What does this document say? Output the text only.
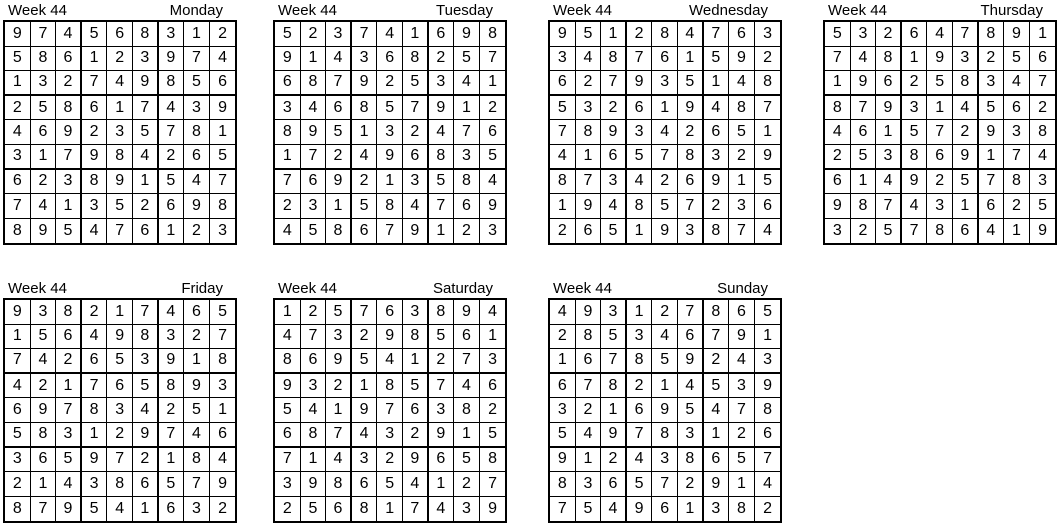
Week 44	Monday
9	7	4	5	6	8	3	1	2
5	8	6	1	2	3	9	7	4
1	3	2	7	4	9	8	5	6
2	5	8	6	1	7	4	3	9
4	6	9	2	3	5	7	8	1
3	1	7	9	8	4	2	6	5
6	2	3	8	9	1	5	4	7
7	4	1	3	5	2	6	9	8
8	9	5	4	7	6	1	2	3
Week 44	Tuesday
5	2	3	7	4	1	6	9	8
9	1	4	3	6	8	2	5	7
6	8	7	9	2	5	3	4	1
3	4	6	8	5	7	9	1	2
8	9	5	1	3	2	4	7	6
1	7	2	4	9	6	8	3	5
7	6	9	2	1	3	5	8	4
2	3	1	5	8	4	7	6	9
4	5	8	6	7	9	1	2	3
Week 44	Wednesday
9	5	1	2	8	4	7	6	3
3	4	8	7	6	1	5	9	2
6	2	7	9	3	5	1	4	8
5	3	2	6	1	9	4	8	7
7	8	9	3	4	2	6	5	1
4	1	6	5	7	8	3	2	9
8	7	3	4	2	6	9	1	5
1	9	4	8	5	7	2	3	6
2	6	5	1	9	3	8	7	4
Week 44	Thursday
5	3	2	6	4	7	8	9	1
7	4	8	1	9	3	2	5	6
1	9	6	2	5	8	3	4	7
8	7	9	3	1	4	5	6	2
4	6	1	5	7	2	9	3	8
2	5	3	8	6	9	1	7	4
6	1	4	9	2	5	7	8	3
9	8	7	4	3	1	6	2	5
3	2	5	7	8	6	4	1	9
Week 44	Friday
9	3	8	2	1	7	4	6	5
1	5	6	4	9	8	3	2	7
7	4	2	6	5	3	9	1	8
4	2	1	7	6	5	8	9	3
6	9	7	8	3	4	2	5	1
5	8	3	1	2	9	7	4	6
3	6	5	9	7	2	1	8	4
2	1	4	3	8	6	5	7	9
8	7	9	5	4	1	6	3	2
Week 44	Saturday
1	2	5	7	6	3	8	9	4
4	7	3	2	9	8	5	6	1
8	6	9	5	4	1	2	7	3
9	3	2	1	8	5	7	4	6
5	4	1	9	7	6	3	8	2
6	8	7	4	3	2	9	1	5
7	1	4	3	2	9	6	5	8
3	9	8	6	5	4	1	2	7
2	5	6	8	1	7	4	3	9
Week 44	Sunday
4	9	3	1	2	7	8	6	5
2	8	5	3	4	6	7	9	1
1	6	7	8	5	9	2	4	3
6	7	8	2	1	4	5	3	9
3	2	1	6	9	5	4	7	8
5	4	9	7	8	3	1	2	6
9	1	2	4	3	8	6	5	7
8	3	6	5	7	2	9	1	4
7	5	4	9	6	1	3	8	2
